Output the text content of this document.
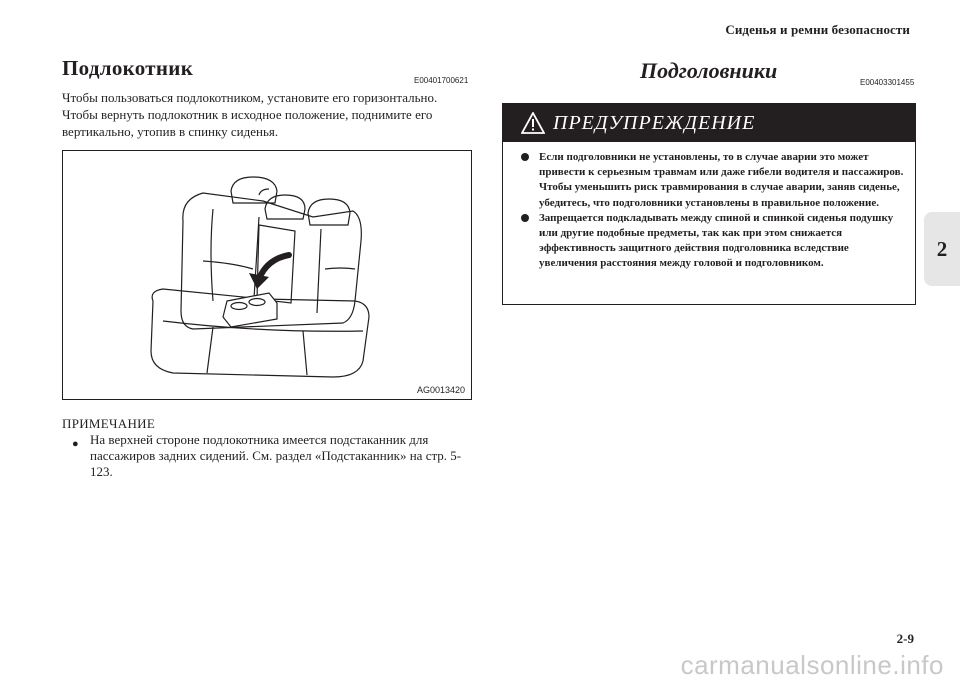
Сиденья и ремни безопасности
2
Подлокотник
E00401700621
Чтобы пользоваться подлокотником, установите его горизонтально. Чтобы вернуть подлокотник в исходное положение, поднимите его вертикально, утопив в спинку сиденья.
AG0013420
ПРИМЕЧАНИЕ
● На верхней стороне подлокотника имеется подстаканник для пассажиров задних сидений. См. раздел «Подстаканник» на стр. 5-123.
Подголовники	E00403301455
ПРЕДУПРЕЖДЕНИЕ
Если подголовники не установлены, то в случае аварии это может привести к серьезным травмам или даже гибели водителя и пассажиров. Чтобы уменьшить риск травмирования в случае аварии, заняв сиденье, убедитесь, что подголовники установлены в правильное положение.
Запрещается подкладывать между спиной и спинкой сиденья подушку или другие подобные предметы, так как при этом снижается эффективность защитного действия подголовника вследствие увеличения расстояния между головой и подголовником.
2-9
carmanualsonline.info
